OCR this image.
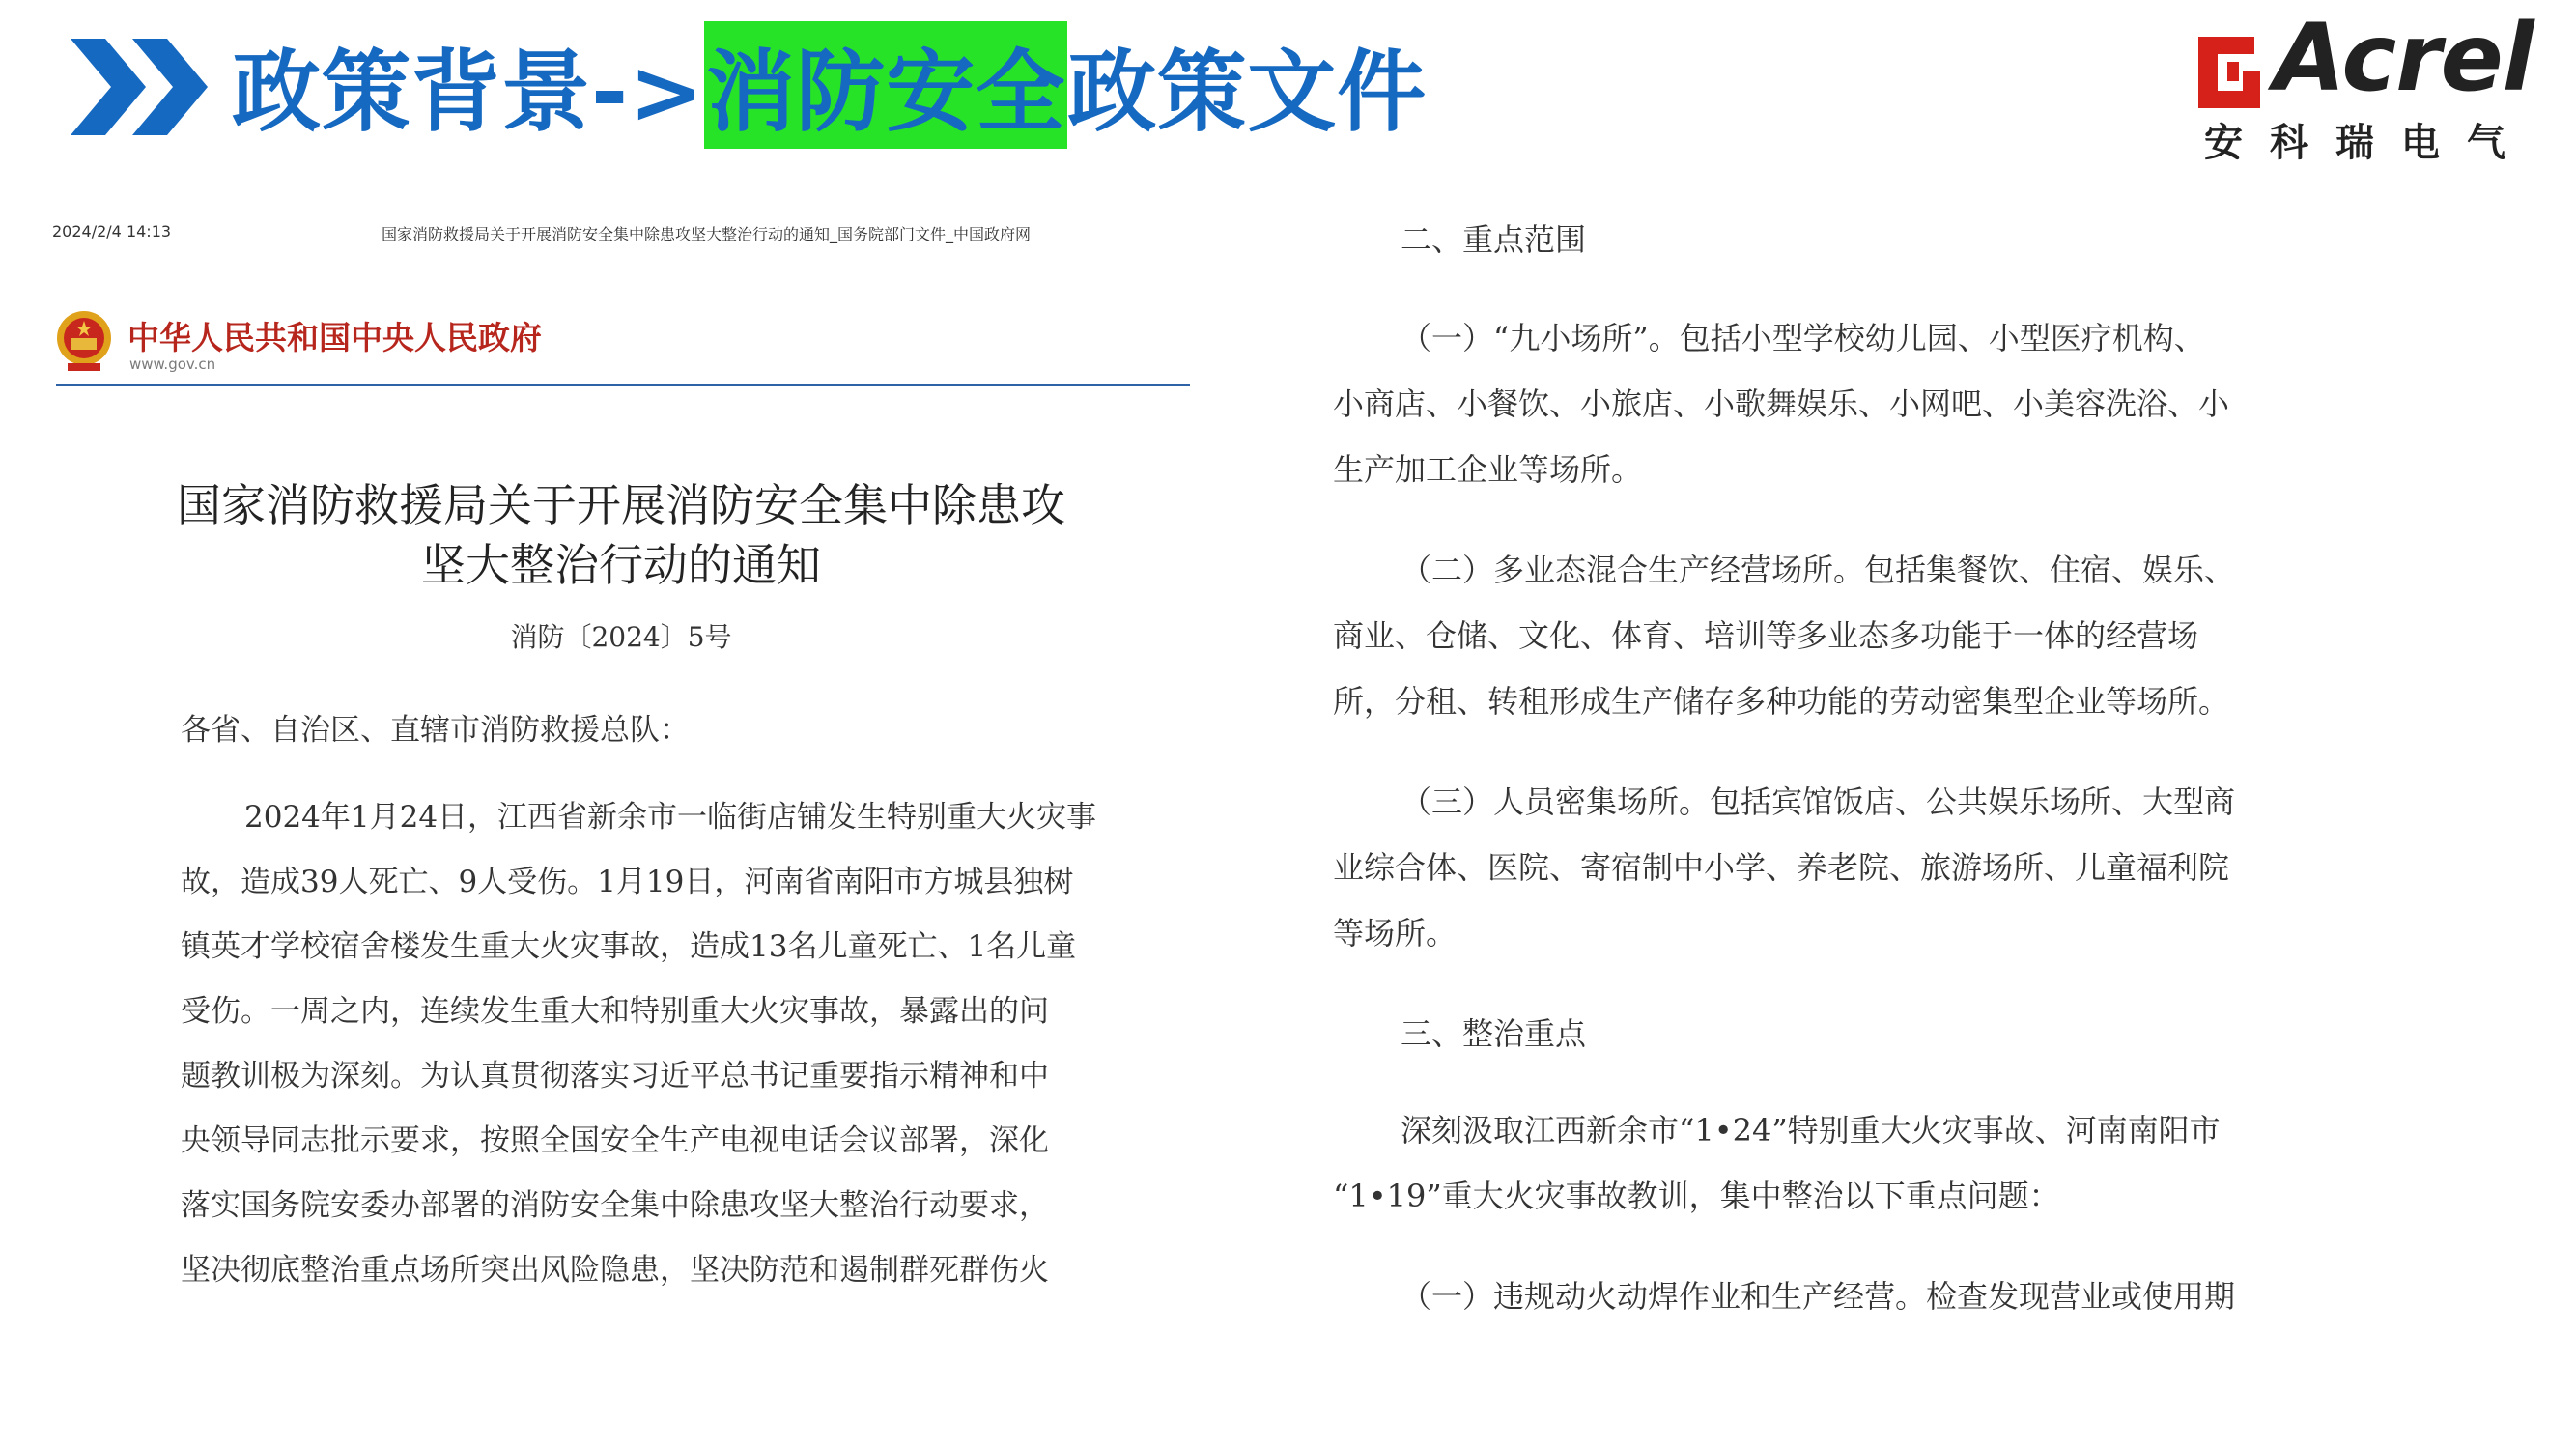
政策背景-> 消防安全 政策文件	Acrel
安科瑞电气
2024/2/4 14:13	国家消防救援局关于开展消防安全集中除患攻坚大整治行动的通知_国务院部门文件_中国政府网
中华人民共和国中央人民政府
www.gov.cn
国家消防救援局关于开展消防安全集中除患攻
坚大整治行动的通知
消防〔2024〕5号
各省、自治区、直辖市消防救援总队：
2024年1月24日，江西省新余市一临街店铺发生特别重大火灾事
故，造成39人死亡、9人受伤。1月19日，河南省南阳市方城县独树
镇英才学校宿舍楼发生重大火灾事故，造成13名儿童死亡、1名儿童
受伤。一周之内，连续发生重大和特别重大火灾事故，暴露出的问
题教训极为深刻。为认真贯彻落实习近平总书记重要指示精神和中
央领导同志批示要求，按照全国安全生产电视电话会议部署，深化
落实国务院安委办部署的消防安全集中除患攻坚大整治行动要求，
坚决彻底整治重点场所突出风险隐患，坚决防范和遏制群死群伤火
二、重点范围
（一）“九小场所”。包括小型学校幼儿园、小型医疗机构、
小商店、小餐饮、小旅店、小歌舞娱乐、小网吧、小美容洗浴、小
生产加工企业等场所。
（二）多业态混合生产经营场所。包括集餐饮、住宿、娱乐、
商业、仓储、文化、体育、培训等多业态多功能于一体的经营场
所，分租、转租形成生产储存多种功能的劳动密集型企业等场所。
（三）人员密集场所。包括宾馆饭店、公共娱乐场所、大型商
业综合体、医院、寄宿制中小学、养老院、旅游场所、儿童福利院
等场所。
三、整治重点
深刻汲取江西新余市“1•24”特别重大火灾事故、河南南阳市
“1•19”重大火灾事故教训，集中整治以下重点问题：
（一）违规动火动焊作业和生产经营。检查发现营业或使用期
